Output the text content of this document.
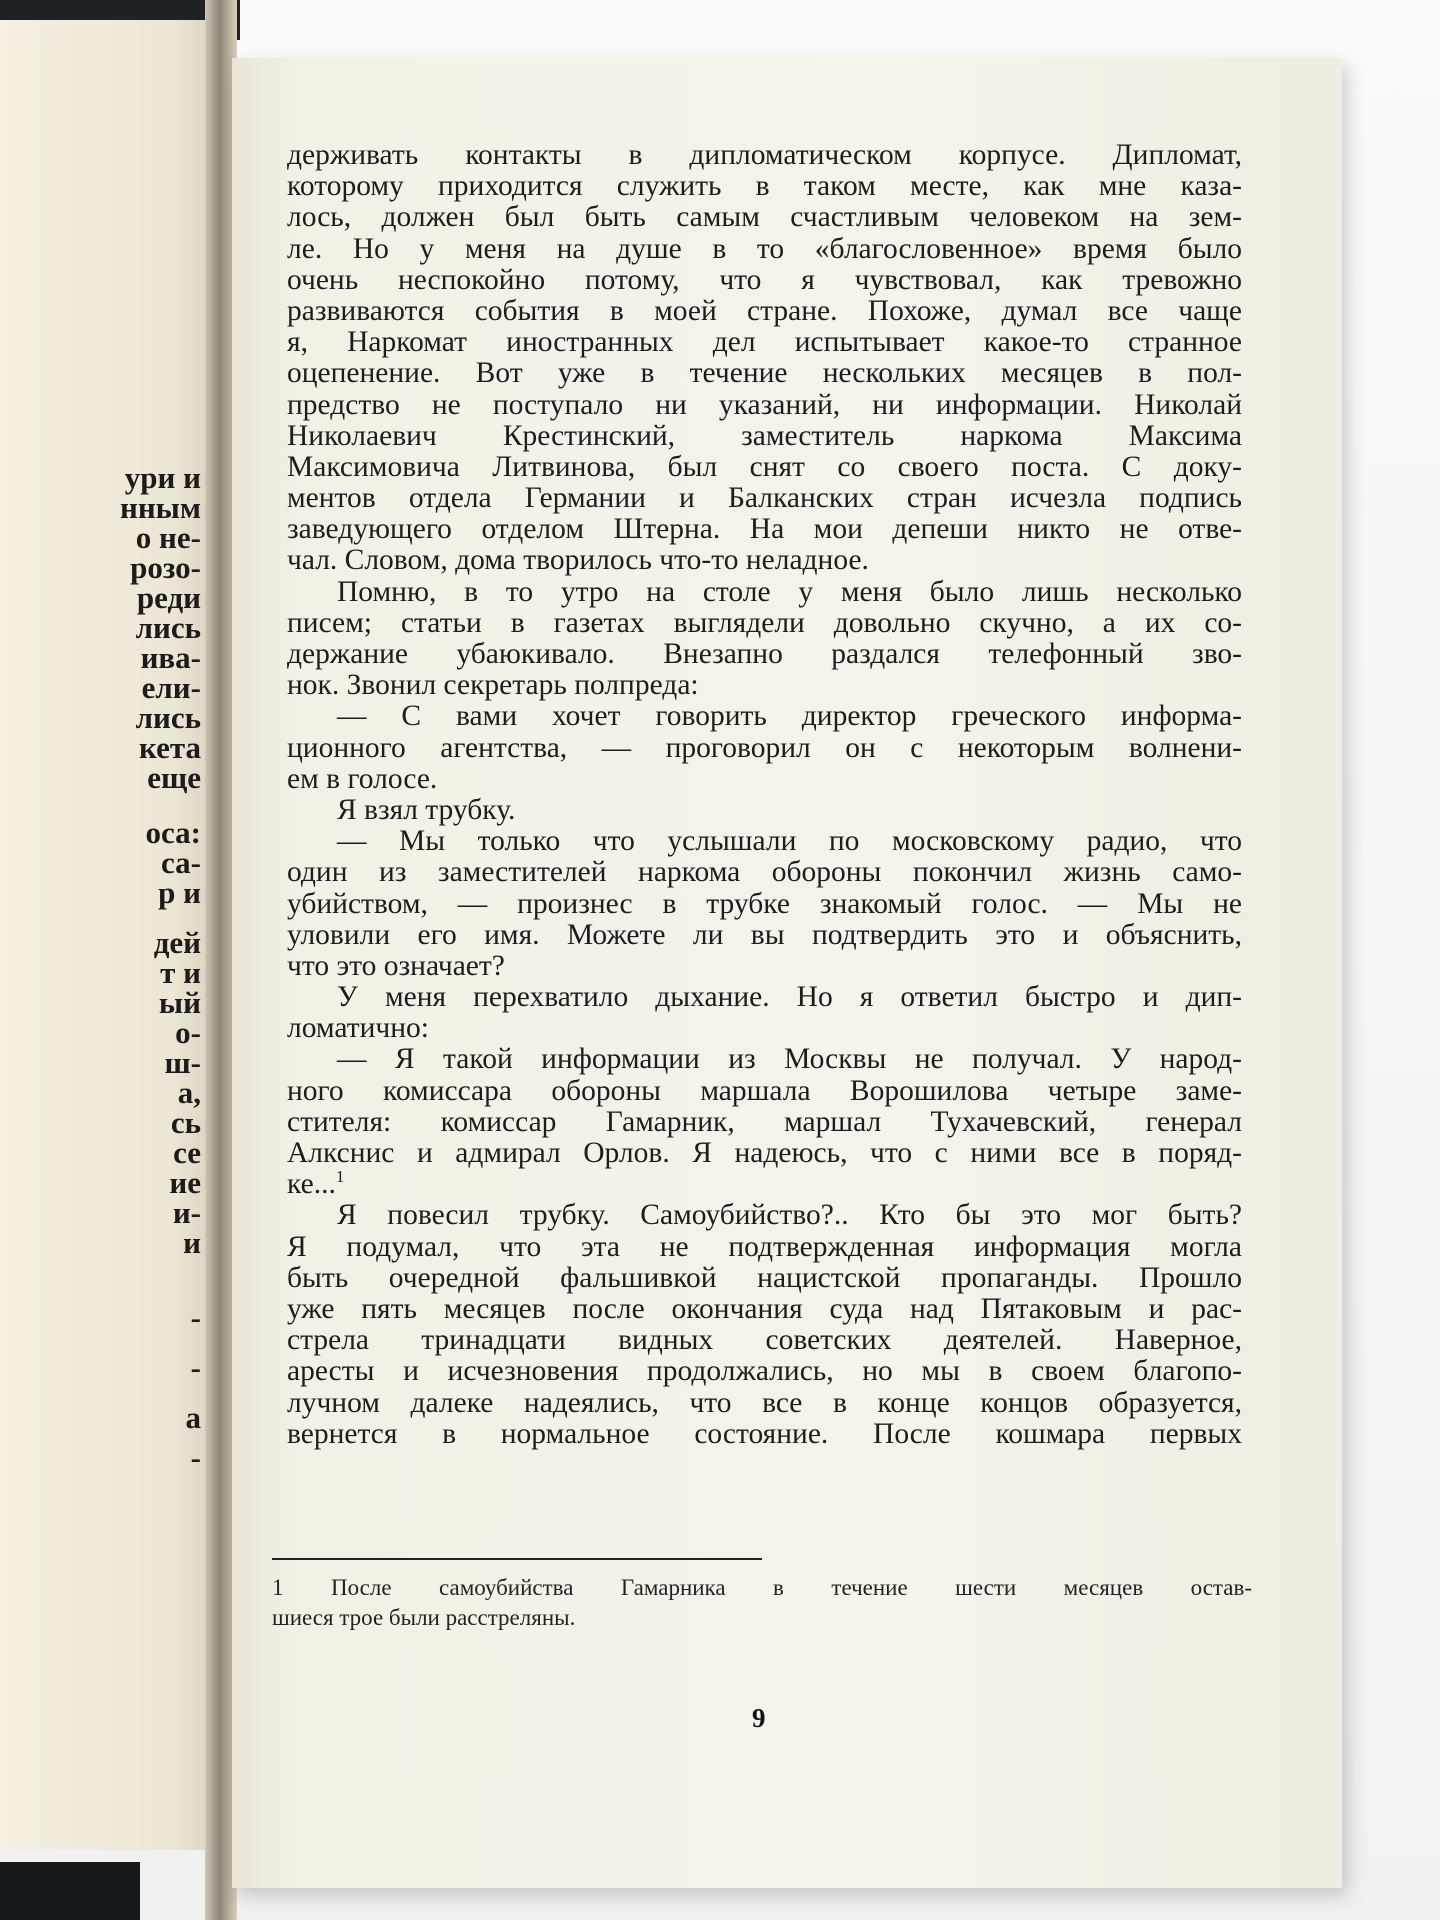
ури и
нным
о не-
розо-
реди
лись
ива-
ели-
лись
кета
еще
оса:
са-
р и
дей
т и
ый
о-
ш-
а,
сь
се
ие
и-
и
-
-
а
-
держивать контакты в дипломатическом корпусе. Дипломат,
которому приходится служить в таком месте, как мне каза-
лось, должен был быть самым счастливым человеком на зем-
ле. Но у меня на душе в то «благословенное» время было
очень неспокойно потому, что я чувствовал, как тревожно
развиваются события в моей стране. Похоже, думал все чаще
я, Наркомат иностранных дел испытывает какое-то странное
оцепенение. Вот уже в течение нескольких месяцев в пол-
предство не поступало ни указаний, ни информации. Николай
Николаевич Крестинский, заместитель наркома Максима
Максимовича Литвинова, был снят со своего поста. С доку-
ментов отдела Германии и Балканских стран исчезла подпись
заведующего отделом Штерна. На мои депеши никто не отве-
чал. Словом, дома творилось что-то неладное.
Помню, в то утро на столе у меня было лишь несколько
писем; статьи в газетах выглядели довольно скучно, а их со-
держание убаюкивало. Внезапно раздался телефонный зво-
нок. Звонил секретарь полпреда:
— С вами хочет говорить директор греческого информа-
ционного агентства, — проговорил он с некоторым волнени-
ем в голосе.
Я взял трубку.
— Мы только что услышали по московскому радио, что
один из заместителей наркома обороны покончил жизнь само-
убийством, — произнес в трубке знакомый голос. — Мы не
уловили его имя. Можете ли вы подтвердить это и объяснить,
что это означает?
У меня перехватило дыхание. Но я ответил быстро и дип-
ломатично:
— Я такой информации из Москвы не получал. У народ-
ного комиссара обороны маршала Ворошилова четыре заме-
стителя: комиссар Гамарник, маршал Тухачевский, генерал
Алкснис и адмирал Орлов. Я надеюсь, что с ними все в поряд-
ке...$^1$
Я повесил трубку. Самоубийство?.. Кто бы это мог быть?
Я подумал, что эта не подтвержденная информация могла
быть очередной фальшивкой нацистской пропаганды. Прошло
уже пять месяцев после окончания суда над Пятаковым и рас-
стрела тринадцати видных советских деятелей. Наверное,
аресты и исчезновения продолжались, но мы в своем благопо-
лучном далеке надеялись, что все в конце концов образуется,
вернется в нормальное состояние. После кошмара первых
1 После самоубийства Гамарника в течение шести месяцев остав-
шиеся трое были расстреляны.
9
